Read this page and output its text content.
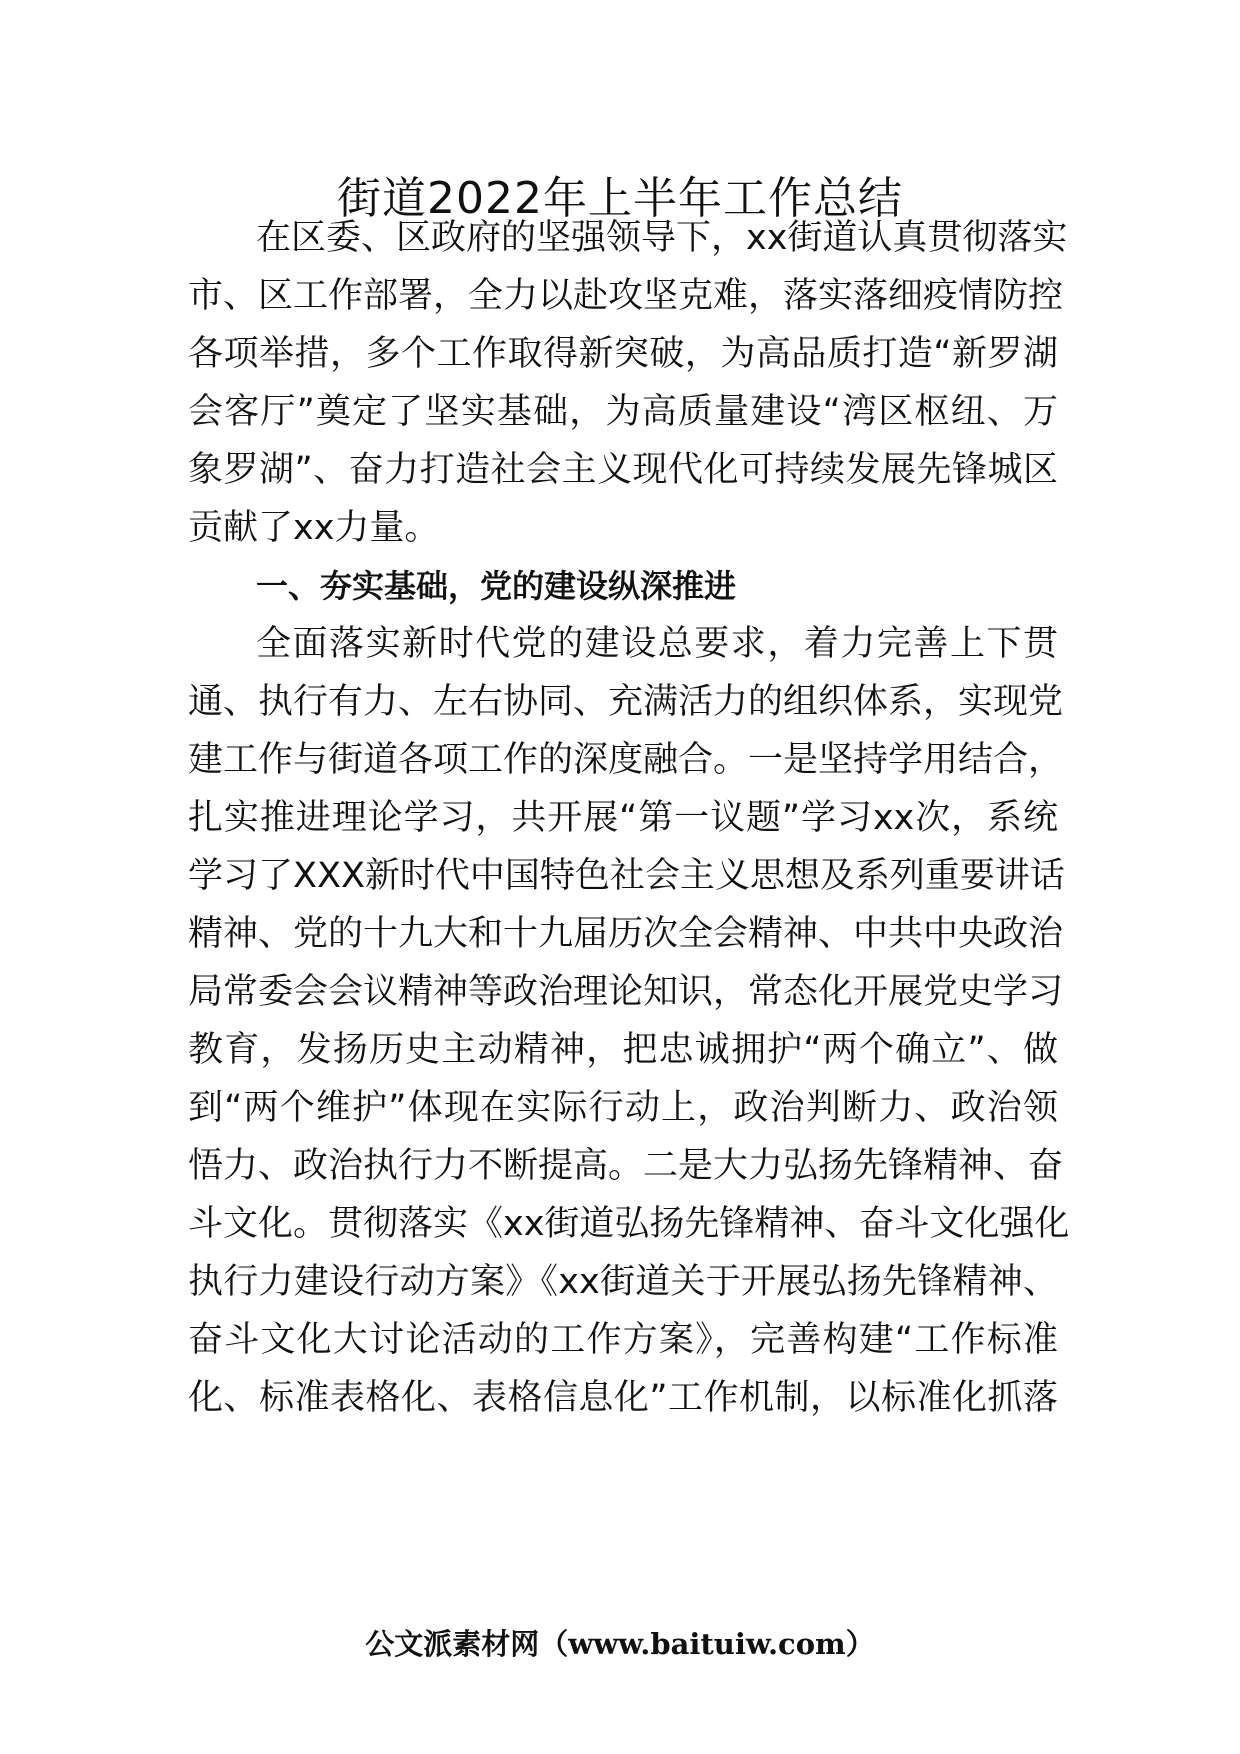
街道2022年上半年工作总结
在区委、区政府的坚强领导下，xx街道认真贯彻落实
市、区工作部署，全力以赴攻坚克难，落实落细疫情防控
各项举措，多个工作取得新突破，为高品质打造“新罗湖
会客厅”奠定了坚实基础，为高质量建设“湾区枢纽、万
象罗湖”、奋力打造社会主义现代化可持续发展先锋城区
贡献了xx力量。
一、夯实基础，党的建设纵深推进
全面落实新时代党的建设总要求，着力完善上下贯
通、执行有力、左右协同、充满活力的组织体系，实现党
建工作与街道各项工作的深度融合。一是坚持学用结合，
扎实推进理论学习，共开展“第一议题”学习xx次，系统
学习了XXX新时代中国特色社会主义思想及系列重要讲话
精神、党的十九大和十九届历次全会精神、中共中央政治
局常委会会议精神等政治理论知识，常态化开展党史学习
教育，发扬历史主动精神，把忠诚拥护“两个确立”、做
到“两个维护”体现在实际行动上，政治判断力、政治领
悟力、政治执行力不断提高。二是大力弘扬先锋精神、奋
斗文化。贯彻落实《xx街道弘扬先锋精神、奋斗文化强化
执行力建设行动方案》《xx街道关于开展弘扬先锋精神、
奋斗文化大讨论活动的工作方案》，完善构建“工作标准
化、标准表格化、表格信息化”工作机制，以标准化抓落
公文派素材网（www.baituiw.com）
